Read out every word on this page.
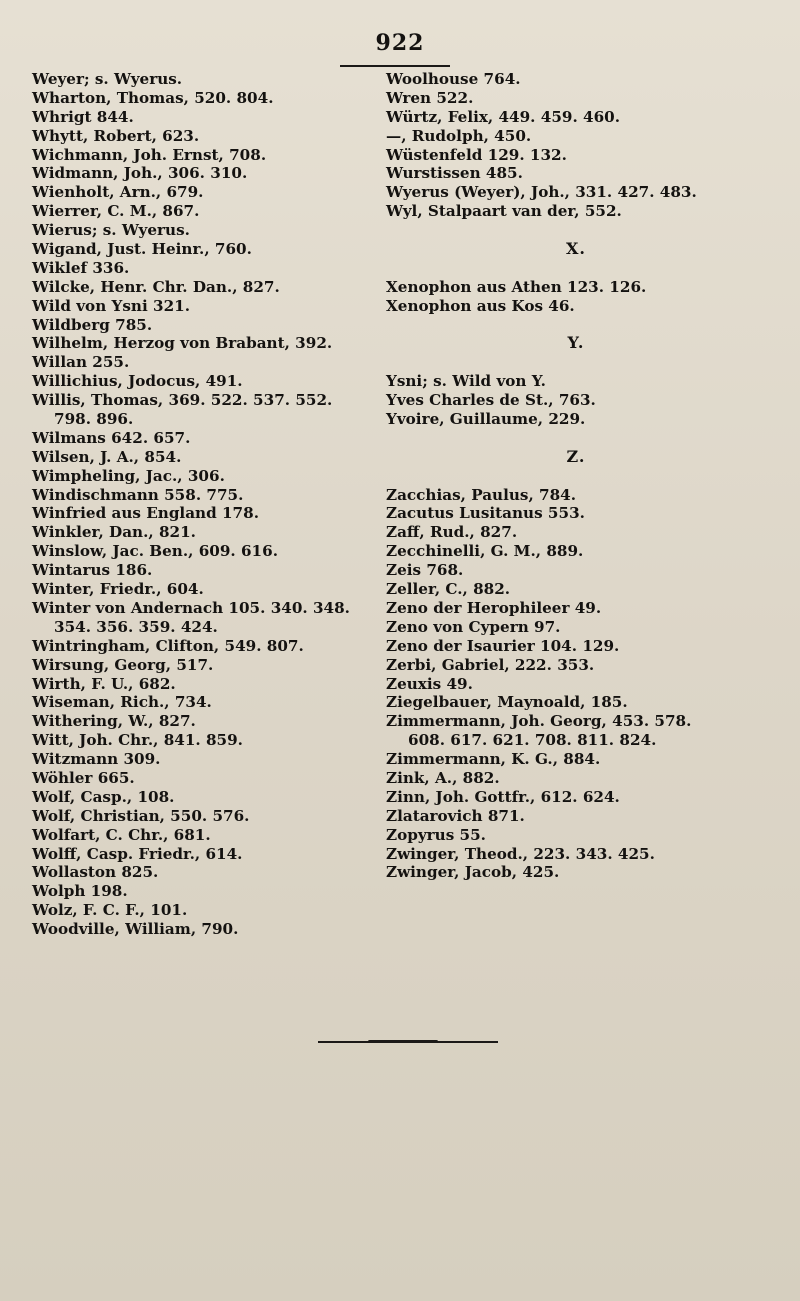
922
Weyer; s. Wyerus.
Wharton, Thomas, 520. 804.
Whrigt 844.
Whytt, Robert, 623.
Wichmann, Joh. Ernst, 708.
Widmann, Joh., 306. 310.
Wienholt, Arn., 679.
Wierrer, C. M., 867.
Wierus; s. Wyerus.
Wigand, Just. Heinr., 760.
Wiklef 336.
Wilcke, Henr. Chr. Dan., 827.
Wild von Ysni 321.
Wildberg 785.
Wilhelm, Herzog von Brabant, 392.
Willan 255.
Willichius, Jodocus, 491.
Willis, Thomas, 369. 522. 537. 552.
798. 896.
Wilmans 642. 657.
Wilsen, J. A., 854.
Wimpheling, Jac., 306.
Windischmann 558. 775.
Winfried aus England 178.
Winkler, Dan., 821.
Winslow, Jac. Ben., 609. 616.
Wintarus 186.
Winter, Friedr., 604.
Winter von Andernach 105. 340. 348.
354. 356. 359. 424.
Wintringham, Clifton, 549. 807.
Wirsung, Georg, 517.
Wirth, F. U., 682.
Wiseman, Rich., 734.
Withering, W., 827.
Witt, Joh. Chr., 841. 859.
Witzmann 309.
Wöhler 665.
Wolf, Casp., 108.
Wolf, Christian, 550. 576.
Wolfart, C. Chr., 681.
Wolff, Casp. Friedr., 614.
Wollaston 825.
Wolph 198.
Wolz, F. C. F., 101.
Woodville, William, 790.
Woolhouse 764.
Wren 522.
Würtz, Felix, 449. 459. 460.
—, Rudolph, 450.
Wüstenfeld 129. 132.
Wurstissen 485.
Wyerus (Weyer), Joh., 331. 427. 483.
Wyl, Stalpaart van der, 552.
X.
Xenophon aus Athen 123. 126.
Xenophon aus Kos 46.
Y.
Ysni; s. Wild von Y.
Yves Charles de St., 763.
Yvoire, Guillaume, 229.
Z.
Zacchias, Paulus, 784.
Zacutus Lusitanus 553.
Zaff, Rud., 827.
Zecchinelli, G. M., 889.
Zeis 768.
Zeller, C., 882.
Zeno der Herophileer 49.
Zeno von Cypern 97.
Zeno der Isaurier 104. 129.
Zerbi, Gabriel, 222. 353.
Zeuxis 49.
Ziegelbauer, Maynoald, 185.
Zimmermann, Joh. Georg, 453. 578.
608. 617. 621. 708. 811. 824.
Zimmermann, K. G., 884.
Zink, A., 882.
Zinn, Joh. Gottfr., 612. 624.
Zlatarovich 871.
Zopyrus 55.
Zwinger, Theod., 223. 343. 425.
Zwinger, Jacob, 425.
